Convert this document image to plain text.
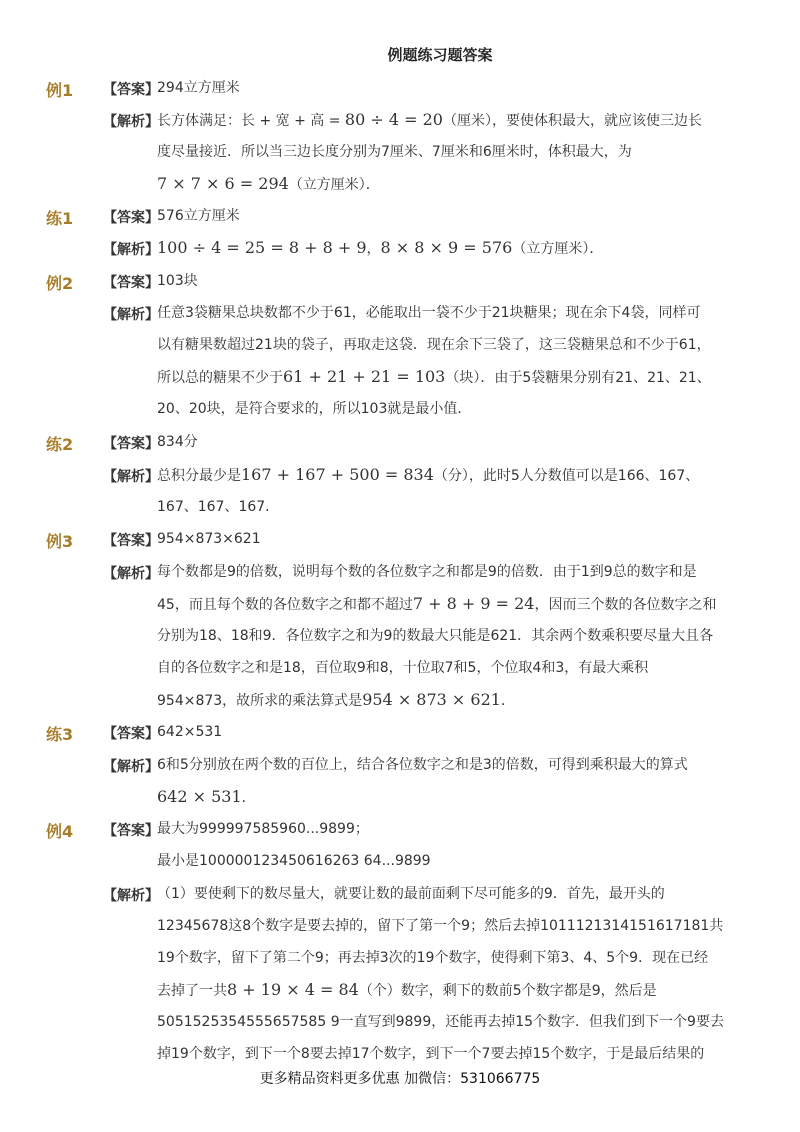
例题练习题答案
例1 【答案】
294立方厘米
【解析】
长方体满足：长 + 宽 + 高 = 80 ÷ 4 = 20（厘米），要使体积最大，就应该使三边长
度尽量接近．所以当三边长度分别为7厘米、7厘米和6厘米时，体积最大，为
7 × 7 × 6 = 294（立方厘米）．
练1 【答案】
576立方厘米
【解析】
100 ÷ 4 = 25 = 8 + 8 + 9，8 × 8 × 9 = 576（立方厘米）．
例2 【答案】
103块
【解析】
任意3袋糖果总块数都不少于61，必能取出一袋不少于21块糖果；现在余下4袋，同样可
以有糖果数超过21块的袋子，再取走这袋．现在余下三袋了，这三袋糖果总和不少于61，
所以总的糖果不少于61 + 21 + 21 = 103（块）．由于5袋糖果分别有21、21、21、
20、20块，是符合要求的，所以103就是最小值．
练2 【答案】
834分
【解析】
总积分最少是167 + 167 + 500 = 834（分），此时5人分数值可以是166、167、
167、167、167．
例3 【答案】
954×873×621
【解析】
每个数都是9的倍数，说明每个数的各位数字之和都是9的倍数．由于1到9总的数字和是
45，而且每个数的各位数字之和都不超过7 + 8 + 9 = 24，因而三个数的各位数字之和
分别为18、18和9．各位数字之和为9的数最大只能是621．其余两个数乘积要尽量大且各
自的各位数字之和是18，百位取9和8，十位取7和5，个位取4和3，有最大乘积
954×873，故所求的乘法算式是954 × 873 × 621．
练3 【答案】
642×531
【解析】
6和5分别放在两个数的百位上，结合各位数字之和是3的倍数，可得到乘积最大的算式
642 × 531．
例4 【答案】
最大为999997585960...9899；
最小是100000123450616263 64...9899
【解析】
（1）要使剩下的数尽量大，就要让数的最前面剩下尽可能多的9．首先，最开头的
12345678这8个数字是要去掉的，留下了第一个9；然后去掉1011121314151617181共
19个数字，留下了第二个9；再去掉3次的19个数字，使得剩下第3、4、5个9．现在已经
去掉了一共8 + 19 × 4 = 84（个）数字，剩下的数前5个数字都是9，然后是
5051525354555657585 9一直写到9899，还能再去掉15个数字．但我们到下一个9要去
掉19个数字，到下一个8要去掉17个数字，到下一个7要去掉15个数字，于是最后结果的
更多精品资料更多优惠 加微信：531066775
